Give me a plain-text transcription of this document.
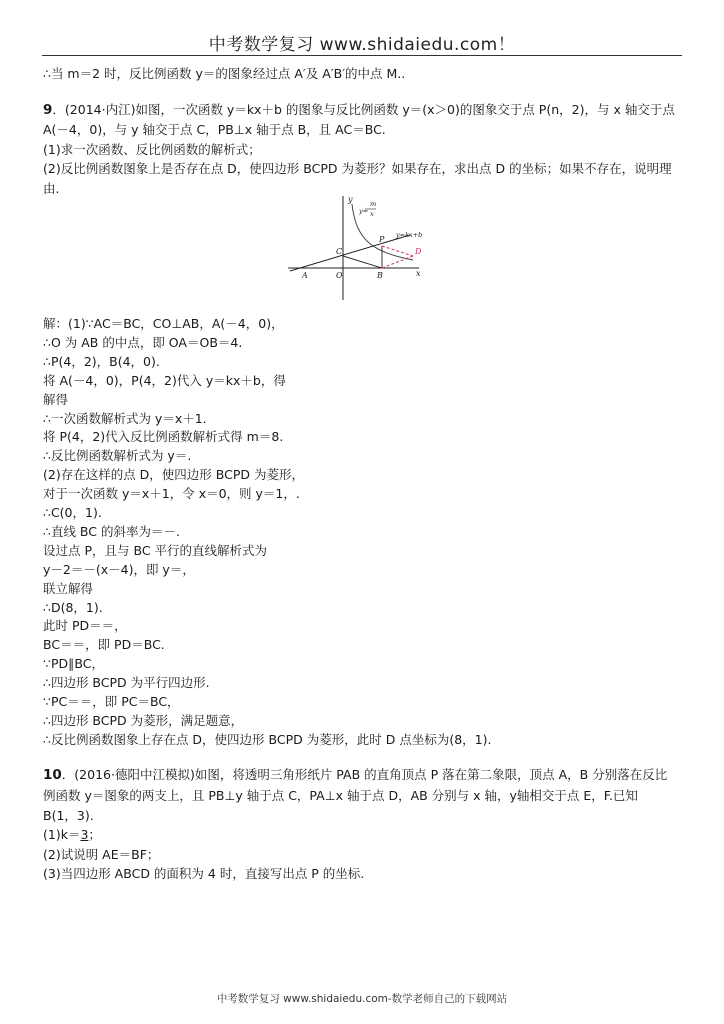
中考数学复习 www.shidaiedu.com！
∴当 m＝2 时，反比例函数 y＝的图象经过点 A′及 A′B′的中点 M..
9．(2014·内江)如图，一次函数 y＝kx＋b 的图象与反比例函数 y＝(x＞0)的图象交于点 P(n，2)，与 x 轴交于点
A(－4，0)，与 y 轴交于点 C，PB⊥x 轴于点 B，且 AC＝BC.
(1)求一次函数、反比例函数的解析式；
(2)反比例函数图象上是否存在点 D，使四边形 BCPD 为菱形？如果存在，求出点 D 的坐标；如果不存在，说明理
由.
y
x
m
y= x
y=kx+b
A	O	B
C
P
D
解：(1)∵AC＝BC，CO⊥AB，A(－4，0)，
∴O 为 AB 的中点，即 OA＝OB＝4.
∴P(4，2)，B(4，0).
将 A(－4，0)，P(4，2)代入 y＝kx＋b，得
解得
∴一次函数解析式为 y＝x＋1.
将 P(4，2)代入反比例函数解析式得 m＝8.
∴反比例函数解析式为 y＝.
(2)存在这样的点 D，使四边形 BCPD 为菱形，
对于一次函数 y＝x＋1，令 x＝0，则 y＝1，.
∴C(0，1).
∴直线 BC 的斜率为＝－.
设过点 P，且与 BC 平行的直线解析式为
y－2＝－(x－4)，即 y＝，
联立解得
∴D(8，1).
此时 PD＝＝，
BC＝＝，即 PD＝BC.
∵PD∥BC，
∴四边形 BCPD 为平行四边形.
∵PC＝＝，即 PC＝BC，
∴四边形 BCPD 为菱形，满足题意，
∴反比例函数图象上存在点 D，使四边形 BCPD 为菱形，此时 D 点坐标为(8，1).
10．(2016·德阳中江模拟)如图，将透明三角形纸片 PAB 的直角顶点 P 落在第二象限，顶点 A，B 分别落在反比
例函数 y＝图象的两支上，且 PB⊥y 轴于点 C，PA⊥x 轴于点 D，AB 分别与 x 轴，y轴相交于点 E，F.已知
B(1，3).
(1)k＝3；
(2)试说明 AE＝BF；
(3)当四边形 ABCD 的面积为 4 时，直接写出点 P 的坐标.
中考数学复习 www.shidaiedu.com-数学老师自己的下载网站
